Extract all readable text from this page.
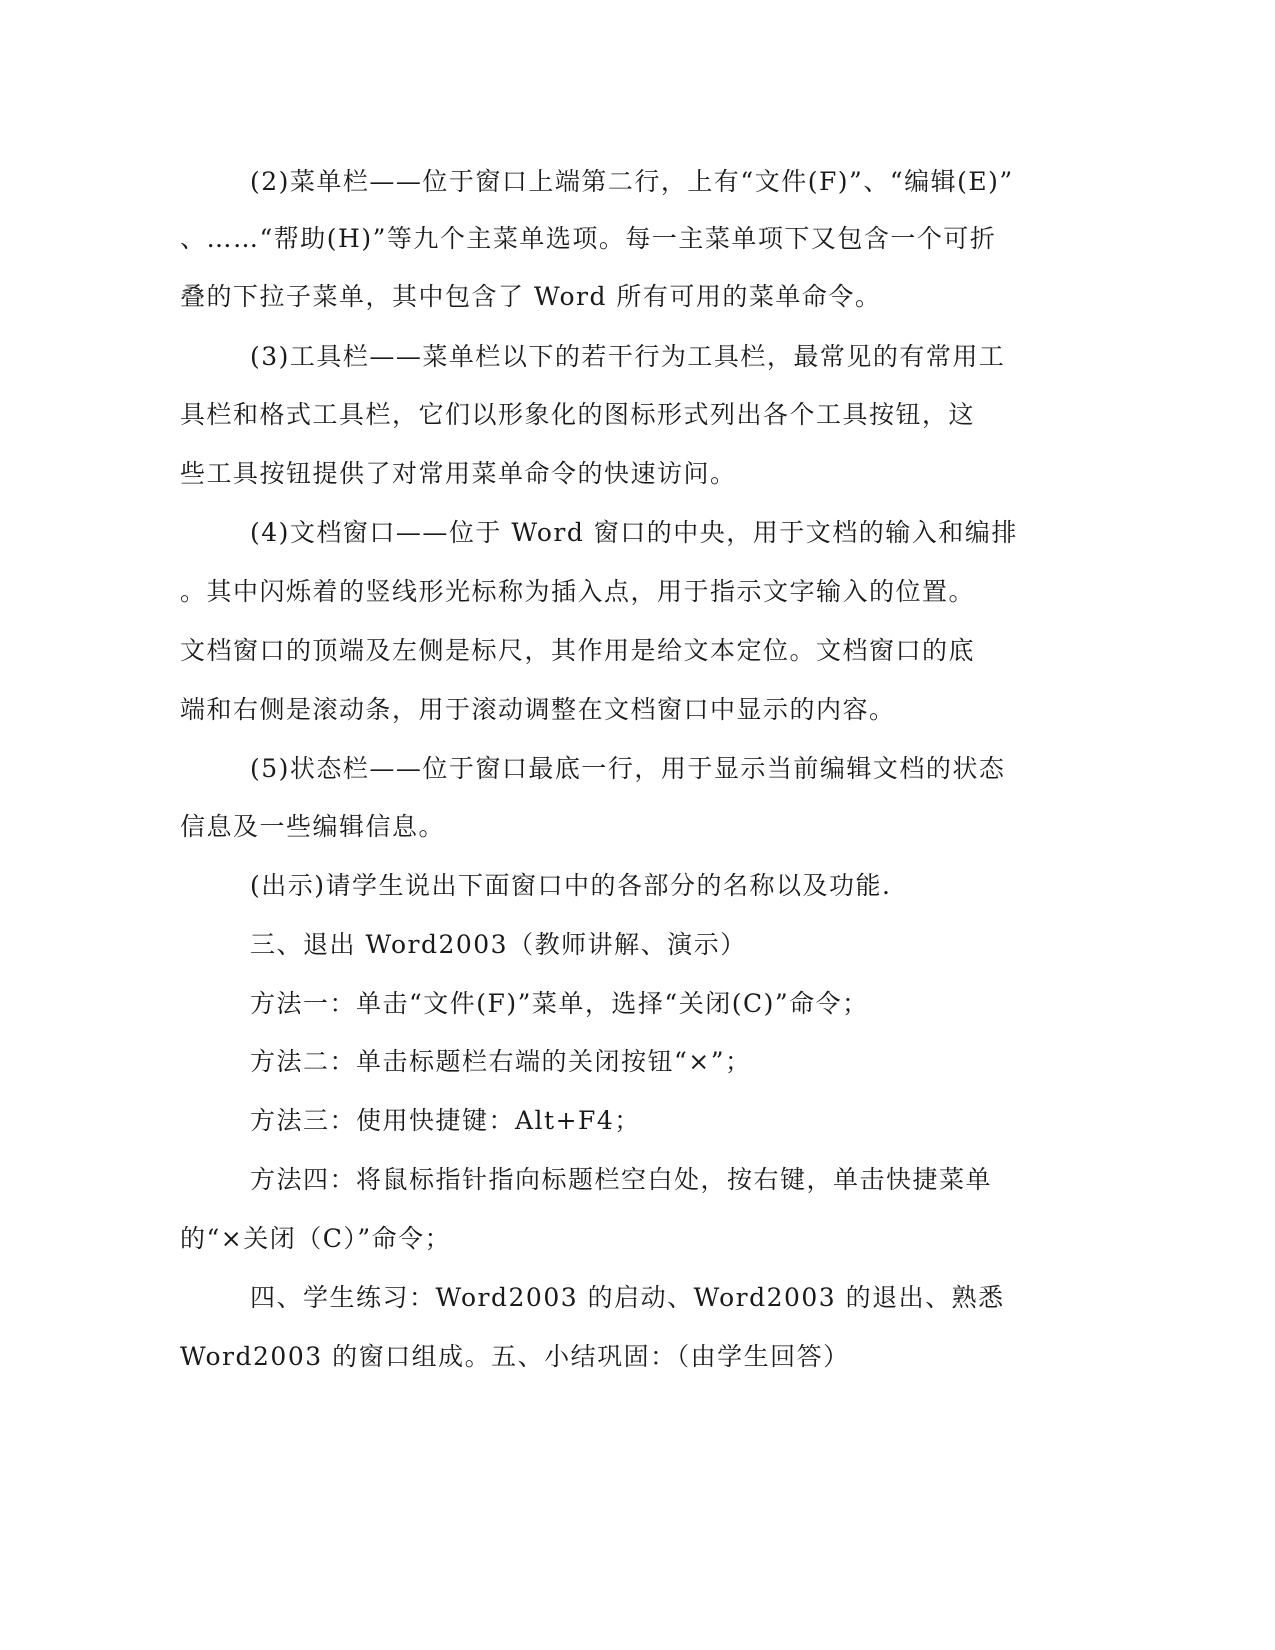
(2)菜单栏——位于窗口上端第二行，上有“文件(F)”、“编辑(E)”

、……“帮助(H)”等九个主菜单选项。每一主菜单项下又包含一个可折

叠的下拉子菜单，其中包含了 Word 所有可用的菜单命令。

(3)工具栏——菜单栏以下的若干行为工具栏，最常见的有常用工

具栏和格式工具栏，它们以形象化的图标形式列出各个工具按钮，这

些工具按钮提供了对常用菜单命令的快速访问。

(4)文档窗口——位于 Word 窗口的中央，用于文档的输入和编排

。其中闪烁着的竖线形光标称为插入点，用于指示文字输入的位置。

文档窗口的顶端及左侧是标尺，其作用是给文本定位。文档窗口的底

端和右侧是滚动条，用于滚动调整在文档窗口中显示的内容。

(5)状态栏——位于窗口最底一行，用于显示当前编辑文档的状态

信息及一些编辑信息。

(出示)请学生说出下面窗口中的各部分的名称以及功能.

三、退出 Word2003（教师讲解、演示）

方法一：单击“文件(F)”菜单，选择“关闭(C)”命令；

方法二：单击标题栏右端的关闭按钮“×”；

方法三：使用快捷键：Alt+F4；

方法四：将鼠标指针指向标题栏空白处，按右键，单击快捷菜单

的“×关闭（C）”命令；

四、学生练习：Word2003 的启动、Word2003 的退出、熟悉

Word2003 的窗口组成。五、小结巩固：（由学生回答）
